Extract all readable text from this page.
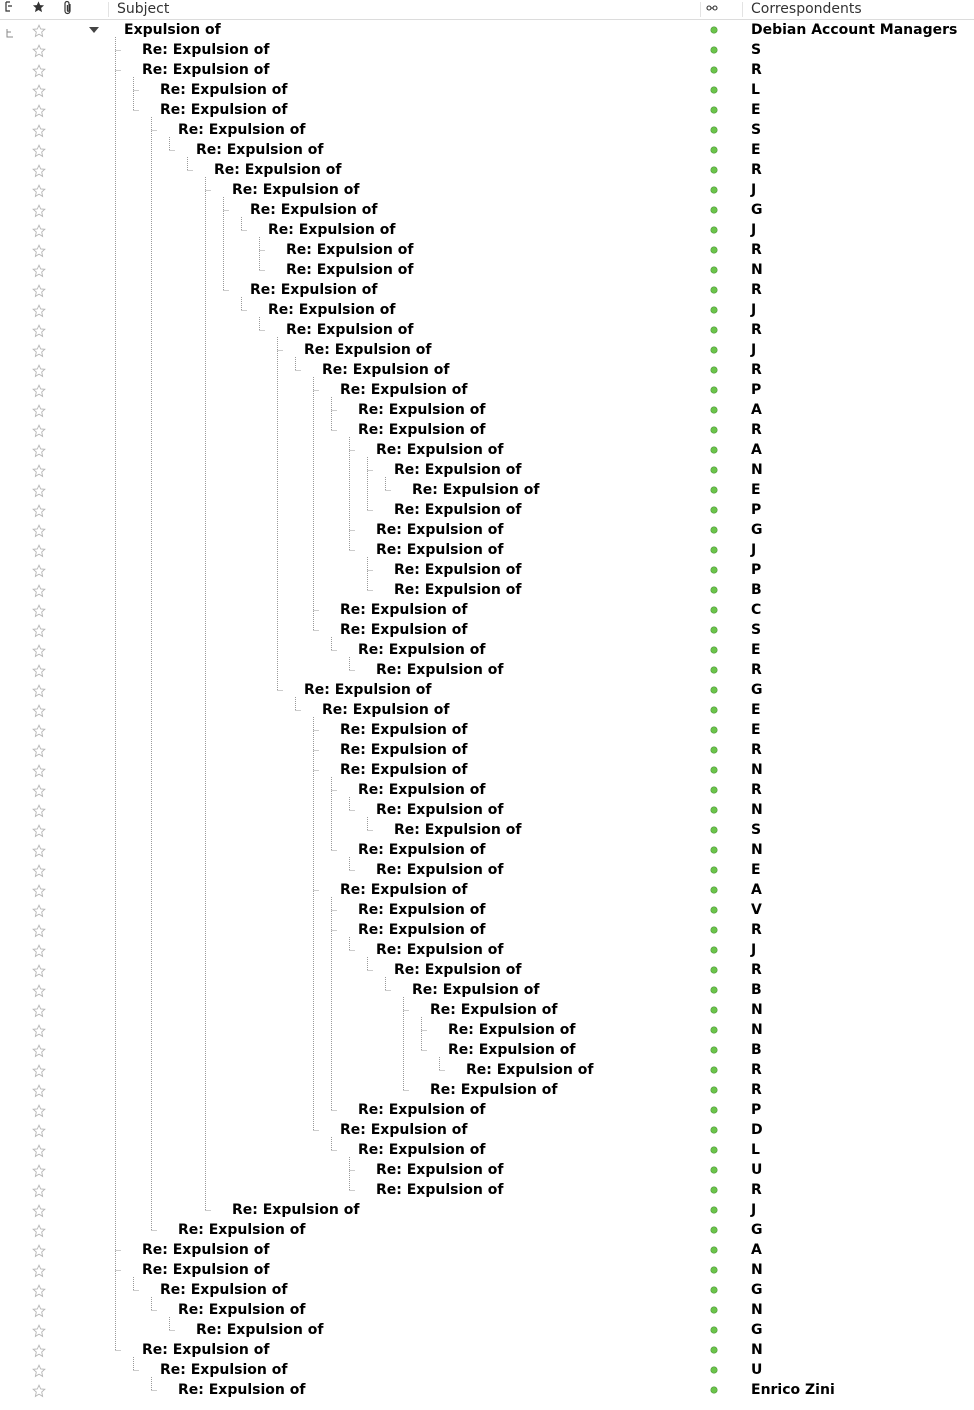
Subject	Correspondents
Expulsion of	Debian Account Managers
Re: Expulsion of	S
Re: Expulsion of	R
Re: Expulsion of	L
Re: Expulsion of	E
Re: Expulsion of	S
Re: Expulsion of	E
Re: Expulsion of	R
Re: Expulsion of	J
Re: Expulsion of	G
Re: Expulsion of	J
Re: Expulsion of	R
Re: Expulsion of	N
Re: Expulsion of	R
Re: Expulsion of	J
Re: Expulsion of	R
Re: Expulsion of	J
Re: Expulsion of	R
Re: Expulsion of	P
Re: Expulsion of	A
Re: Expulsion of	R
Re: Expulsion of	A
Re: Expulsion of	N
Re: Expulsion of	E
Re: Expulsion of	P
Re: Expulsion of	G
Re: Expulsion of	J
Re: Expulsion of	P
Re: Expulsion of	B
Re: Expulsion of	C
Re: Expulsion of	S
Re: Expulsion of	E
Re: Expulsion of	R
Re: Expulsion of	G
Re: Expulsion of	E
Re: Expulsion of	E
Re: Expulsion of	R
Re: Expulsion of	N
Re: Expulsion of	R
Re: Expulsion of	N
Re: Expulsion of	S
Re: Expulsion of	N
Re: Expulsion of	E
Re: Expulsion of	A
Re: Expulsion of	V
Re: Expulsion of	R
Re: Expulsion of	J
Re: Expulsion of	R
Re: Expulsion of	B
Re: Expulsion of	N
Re: Expulsion of	N
Re: Expulsion of	B
Re: Expulsion of	R
Re: Expulsion of	R
Re: Expulsion of	P
Re: Expulsion of	D
Re: Expulsion of	L
Re: Expulsion of	U
Re: Expulsion of	R
Re: Expulsion of	J
Re: Expulsion of	G
Re: Expulsion of	A
Re: Expulsion of	N
Re: Expulsion of	G
Re: Expulsion of	N
Re: Expulsion of	G
Re: Expulsion of	N
Re: Expulsion of	U
Re: Expulsion of	Enrico Zini
